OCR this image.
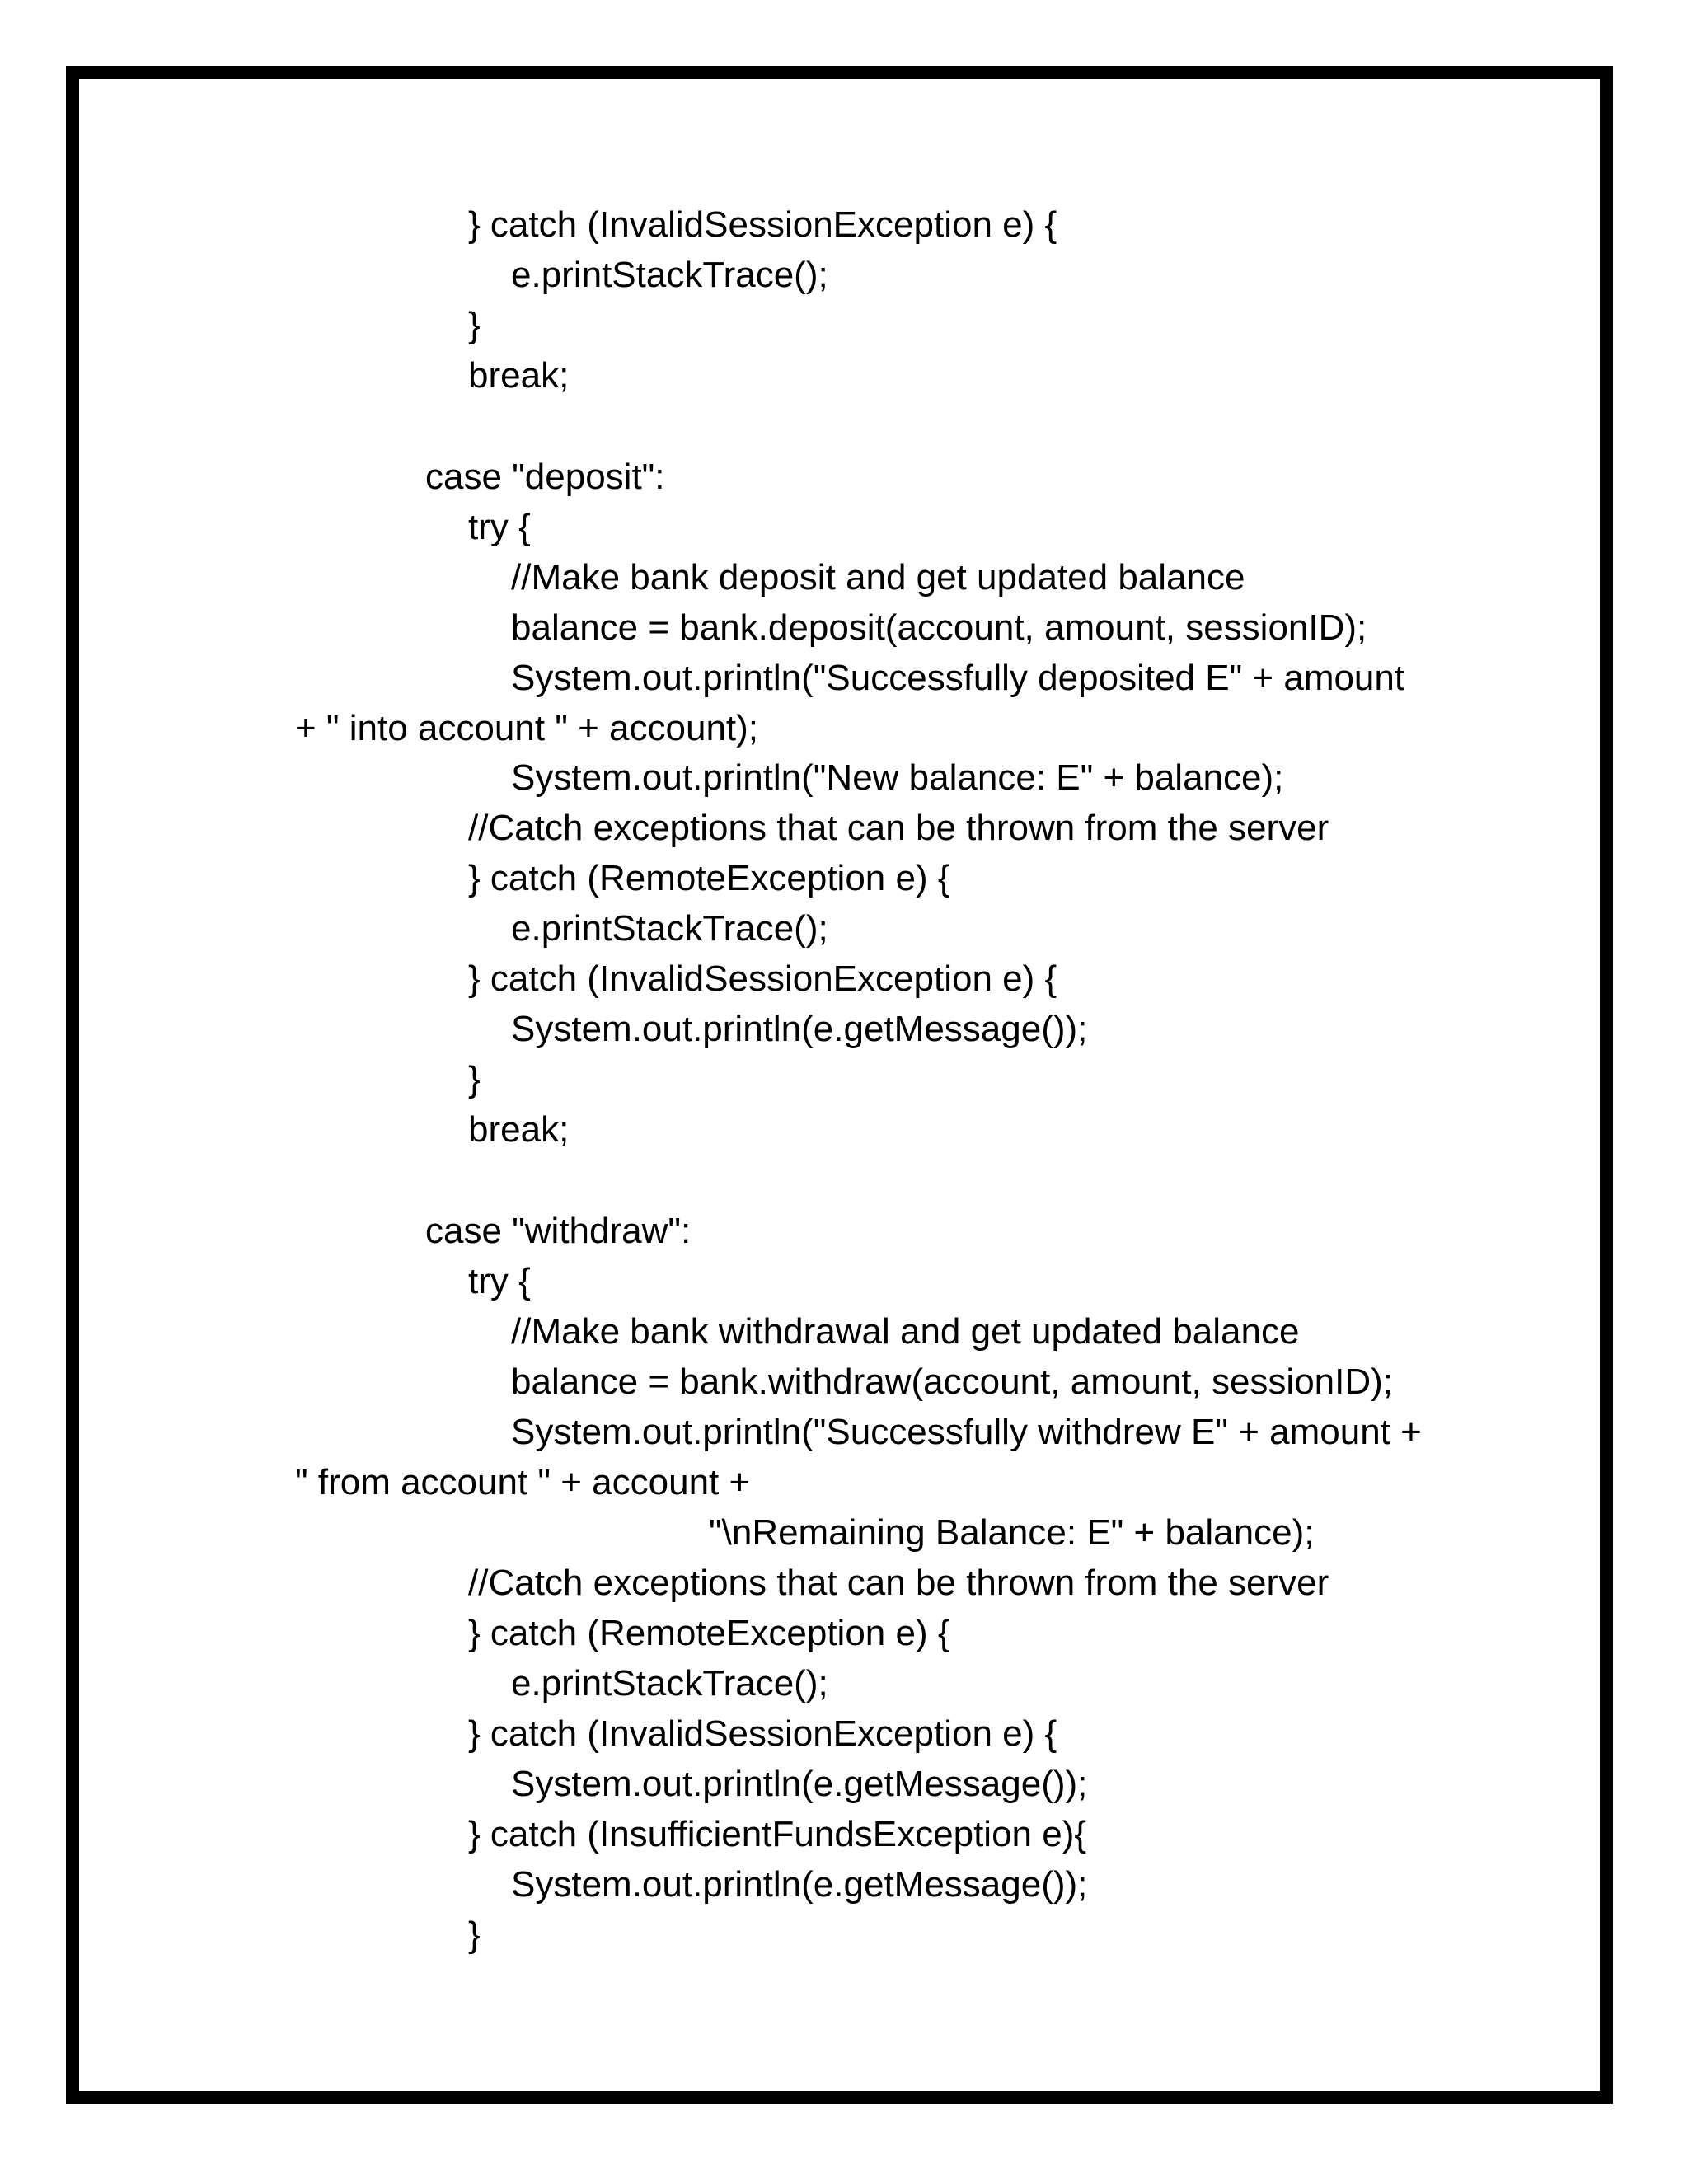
} catch (InvalidSessionException e) {

e.printStackTrace();

}

break;

case "deposit":

try {

//Make bank deposit and get updated balance

balance = bank.deposit(account, amount, sessionID);

System.out.println("Successfully deposited E" + amount

+ " into account " + account);

System.out.println("New balance: E" + balance);

//Catch exceptions that can be thrown from the server

} catch (RemoteException e) {

e.printStackTrace();

} catch (InvalidSessionException e) {

System.out.println(e.getMessage());

}

break;

case "withdraw":

try {

//Make bank withdrawal and get updated balance

balance = bank.withdraw(account, amount, sessionID);

System.out.println("Successfully withdrew E" + amount +

" from account " + account +

"\nRemaining Balance: E" + balance);

//Catch exceptions that can be thrown from the server

} catch (RemoteException e) {

e.printStackTrace();

} catch (InvalidSessionException e) {

System.out.println(e.getMessage());

} catch (InsufficientFundsException e){

System.out.println(e.getMessage());

}
